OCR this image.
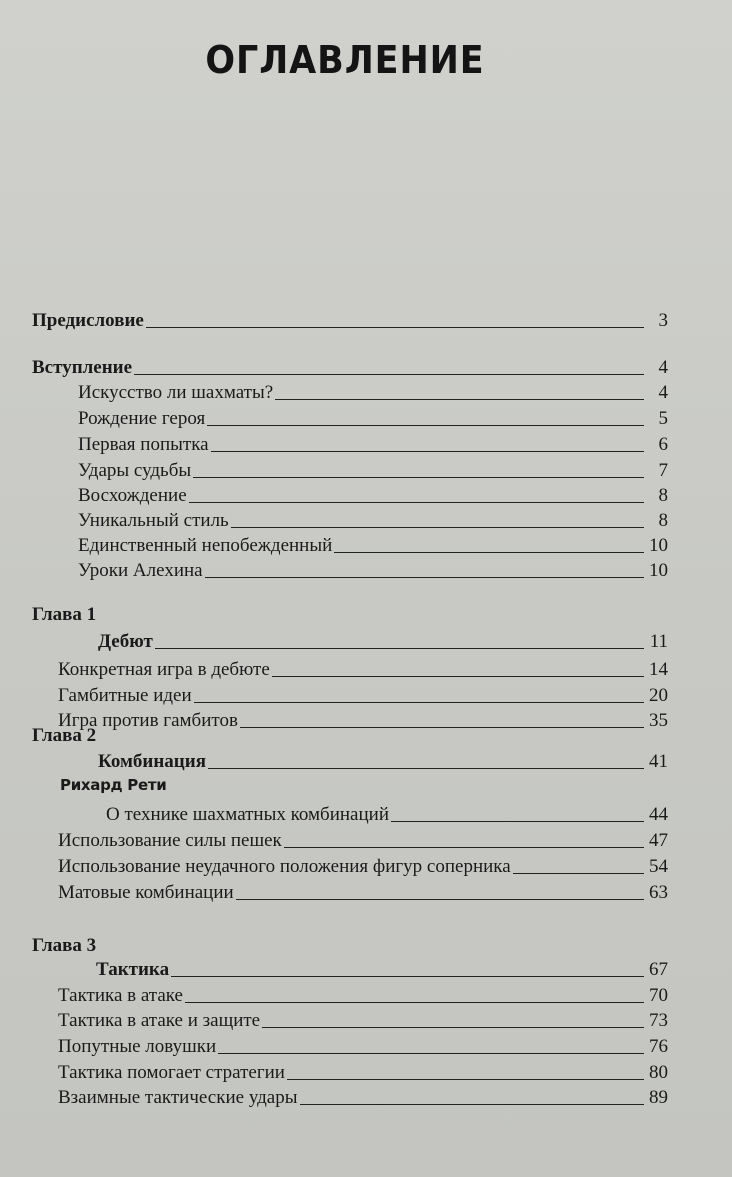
ОГЛАВЛЕНИЕ
Предисловие	3
Вступление	4
Искусство ли шахматы?	4
Рождение героя	5
Первая попытка	6
Удары судьбы	7
Восхождение	8
Уникальный стиль	8
Единственный непобежденный	10
Уроки Алехина	10
Глава 1
Дебют	11
Конкретная игра в дебюте	14
Гамбитные идеи	20
Игра против гамбитов	35
Глава 2
Комбинация	41
Рихард Рети
О технике шахматных комбинаций	44
Использование силы пешек	47
Использование неудачного положения фигур соперника	54
Матовые комбинации	63
Глава 3
Тактика	67
Тактика в атаке	70
Тактика в атаке и защите	73
Попутные ловушки	76
Тактика помогает стратегии	80
Взаимные тактические удары	89
